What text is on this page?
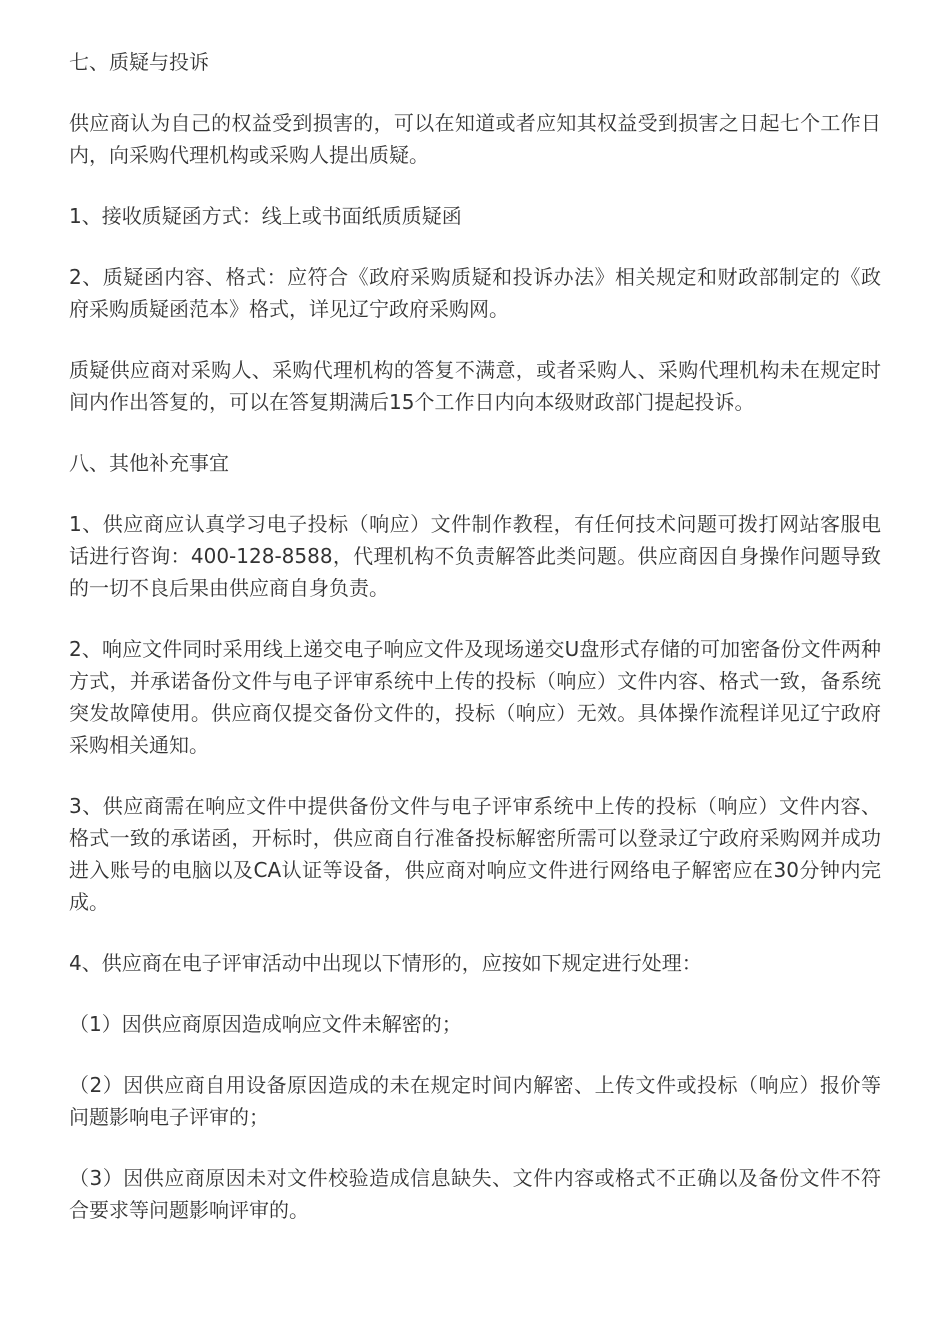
七、质疑与投诉

供应商认为自己的权益受到损害的，可以在知道或者应知其权益受到损害之日起七个工作日内，向采购代理机构或采购人提出质疑。

1、接收质疑函方式：线上或书面纸质质疑函

2、质疑函内容、格式：应符合《政府采购质疑和投诉办法》相关规定和财政部制定的《政府采购质疑函范本》格式，详见辽宁政府采购网。

质疑供应商对采购人、采购代理机构的答复不满意，或者采购人、采购代理机构未在规定时间内作出答复的，可以在答复期满后15个工作日内向本级财政部门提起投诉。

八、其他补充事宜

1、供应商应认真学习电子投标（响应）文件制作教程，有任何技术问题可拨打网站客服电话进行咨询：400-128-8588，代理机构不负责解答此类问题。供应商因自身操作问题导致的一切不良后果由供应商自身负责。

2、响应文件同时采用线上递交电子响应文件及现场递交U盘形式存储的可加密备份文件两种方式，并承诺备份文件与电子评审系统中上传的投标（响应）文件内容、格式一致，备系统突发故障使用。供应商仅提交备份文件的，投标（响应）无效。具体操作流程详见辽宁政府采购相关通知。

3、供应商需在响应文件中提供备份文件与电子评审系统中上传的投标（响应）文件内容、格式一致的承诺函，开标时，供应商自行准备投标解密所需可以登录辽宁政府采购网并成功进入账号的电脑以及CA认证等设备，供应商对响应文件进行网络电子解密应在30分钟内完成。

4、供应商在电子评审活动中出现以下情形的，应按如下规定进行处理：

（1）因供应商原因造成响应文件未解密的；

（2）因供应商自用设备原因造成的未在规定时间内解密、上传文件或投标（响应）报价等问题影响电子评审的；

（3）因供应商原因未对文件校验造成信息缺失、文件内容或格式不正确以及备份文件不符合要求等问题影响评审的。
